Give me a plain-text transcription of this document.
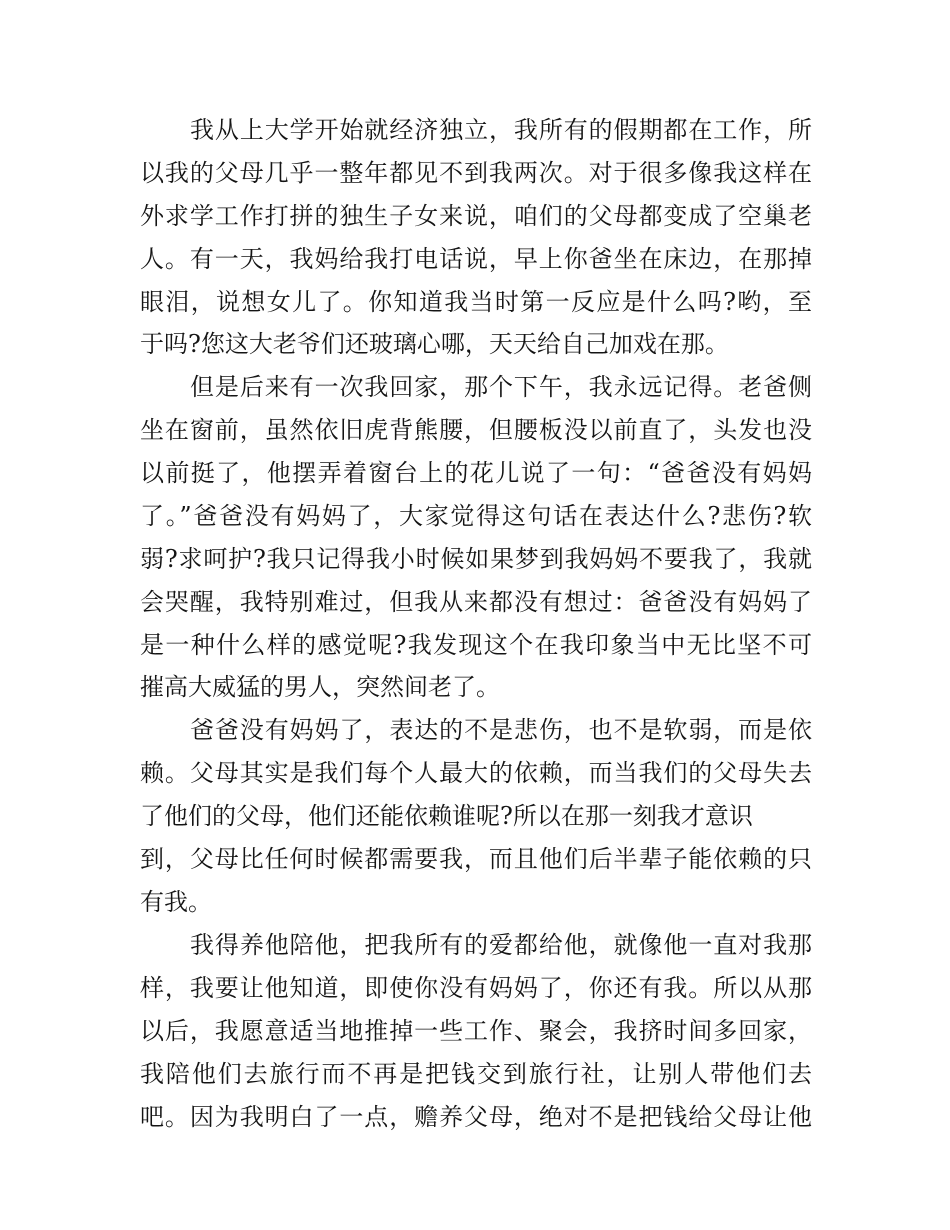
我从上大学开始就经济独立，我所有的假期都在工作，所
以我的父母几乎一整年都见不到我两次。对于很多像我这样在
外求学工作打拼的独生子女来说，咱们的父母都变成了空巢老
人。有一天，我妈给我打电话说，早上你爸坐在床边，在那掉
眼泪，说想女儿了。你知道我当时第一反应是什么吗?哟，至
于吗?您这大老爷们还玻璃心哪，天天给自己加戏在那。
但是后来有一次我回家，那个下午，我永远记得。老爸侧
坐在窗前，虽然依旧虎背熊腰，但腰板没以前直了，头发也没
以前挺了，他摆弄着窗台上的花儿说了一句：“爸爸没有妈妈
了。”爸爸没有妈妈了，大家觉得这句话在表达什么?悲伤?软
弱?求呵护?我只记得我小时候如果梦到我妈妈不要我了，我就
会哭醒，我特别难过，但我从来都没有想过：爸爸没有妈妈了
是一种什么样的感觉呢?我发现这个在我印象当中无比坚不可
摧高大威猛的男人，突然间老了。
爸爸没有妈妈了，表达的不是悲伤，也不是软弱，而是依
赖。父母其实是我们每个人最大的依赖，而当我们的父母失去
了他们的父母，他们还能依赖谁呢?所以在那一刻我才意识
到，父母比任何时候都需要我，而且他们后半辈子能依赖的只
有我。
我得养他陪他，把我所有的爱都给他，就像他一直对我那
样，我要让他知道，即使你没有妈妈了，你还有我。所以从那
以后，我愿意适当地推掉一些工作、聚会，我挤时间多回家，
我陪他们去旅行而不再是把钱交到旅行社，让别人带他们去
吧。因为我明白了一点，赡养父母，绝对不是把钱给父母让他
